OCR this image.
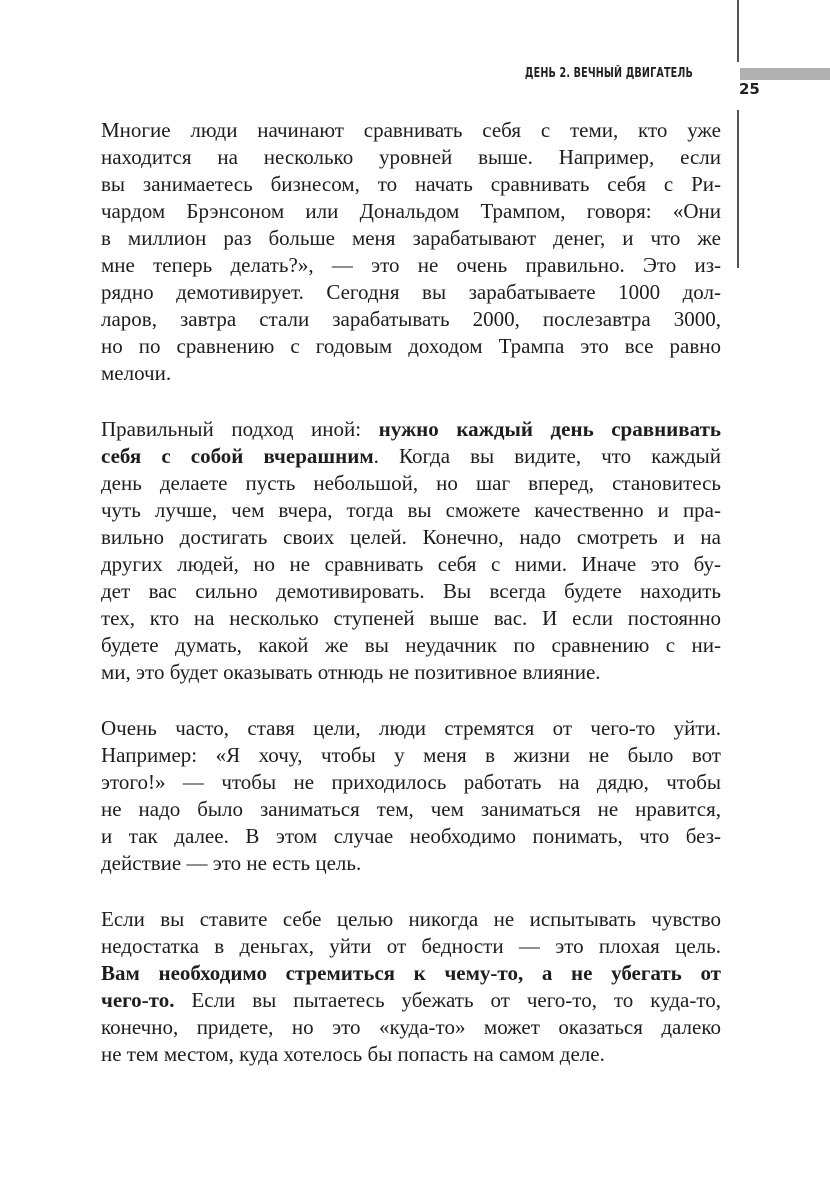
ДЕНЬ 2. ВЕЧНЫЙ ДВИГАТЕЛЬ
25
Многие люди начинают сравнивать себя с теми, кто уже
находится на несколько уровней выше. Например, если
вы занимаетесь бизнесом, то начать сравнивать себя с Ри-
чардом Брэнсоном или Дональдом Трампом, говоря: «Они
в миллион раз больше меня зарабатывают денег, и что же
мне теперь делать?», — это не очень правильно. Это из-
рядно демотивирует. Сегодня вы зарабатываете 1000 дол-
ларов, завтра стали зарабатывать 2000, послезавтра 3000,
но по сравнению с годовым доходом Трампа это все равно
мелочи.
Правильный подход иной: нужно каждый день сравнивать
себя с собой вчерашним. Когда вы видите, что каждый
день делаете пусть небольшой, но шаг вперед, становитесь
чуть лучше, чем вчера, тогда вы сможете качественно и пра-
вильно достигать своих целей. Конечно, надо смотреть и на
других людей, но не сравнивать себя с ними. Иначе это бу-
дет вас сильно демотивировать. Вы всегда будете находить
тех, кто на несколько ступеней выше вас. И если постоянно
будете думать, какой же вы неудачник по сравнению с ни-
ми, это будет оказывать отнюдь не позитивное влияние.
Очень часто, ставя цели, люди стремятся от чего-то уйти.
Например: «Я хочу, чтобы у меня в жизни не было вот
этого!» — чтобы не приходилось работать на дядю, чтобы
не надо было заниматься тем, чем заниматься не нравится,
и так далее. В этом случае необходимо понимать, что без-
действие — это не есть цель.
Если вы ставите себе целью никогда не испытывать чувство
недостатка в деньгах, уйти от бедности — это плохая цель.
Вам необходимо стремиться к чему-то, а не убегать от
чего-то. Если вы пытаетесь убежать от чего-то, то куда-то,
конечно, придете, но это «куда-то» может оказаться далеко
не тем местом, куда хотелось бы попасть на самом деле.
